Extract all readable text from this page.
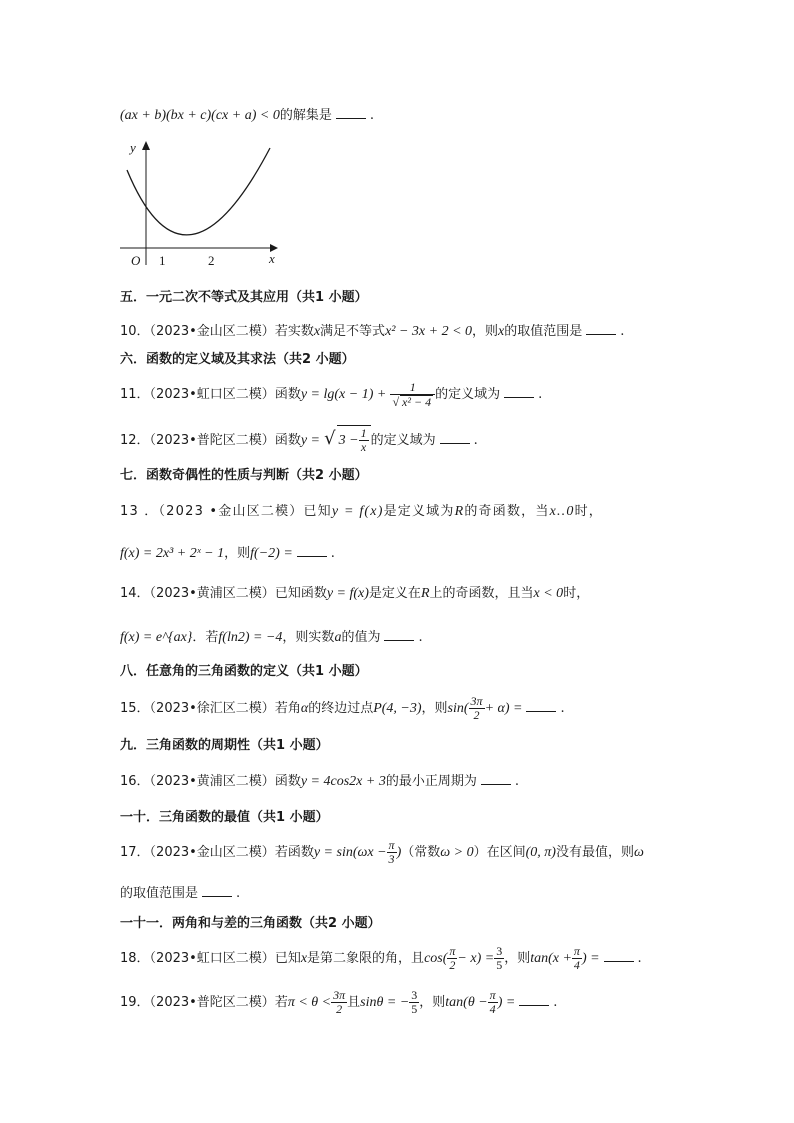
(ax + b)(bx + c)(cx + a) < 0的解集是	.
y
x
O 1	2
五．一元二次不等式及其应用（共1 小题）
10．（2023•金山区二模）若实数x满足不等式x² − 3x + 2 < 0，则x的取值范围是	.
六．函数的定义域及其求法（共2 小题）
11．（2023•虹口区二模）函数$y = \lg(x - 1) + \frac{1}{\text{√ x² − 4}}$ 的定义域为	.
12．（2023•普陀区二模）函数y = √ $3 - \frac{1}{x}$ 的定义域为	.
七．函数奇偶性的性质与判断（共2 小题）
13 ．（2023 •金山区二模）已知y = f(x)是定义域为R的奇函数，当x..0时，
f(x) = 2x³ + 2ˣ − 1，则f(−2) =	.
14．（2023•黄浦区二模）已知函数y = f(x)是定义在R上的奇函数，且当x < 0时，
f(x) = e^{ax}．若f(ln2) = −4，则实数a的值为	.
八．任意角的三角函数的定义（共1 小题）
15．（2023•徐汇区二模）若角α的终边过点P(4, −3)，则$\sin( \frac{3\pi}{2} + \alpha)$ =	.
九．三角函数的周期性（共1 小题）
16．（2023•黄浦区二模）函数y = 4cos2x + 3的最小正周期为	.
一十．三角函数的最值（共1 小题）
17．（2023•金山区二模）若函数$y = \sin(\omega x - \frac{\pi}{3}$ )（常数ω > 0）在区间(0, π)没有最值，则ω
的取值范围是	.
一十一．两角和与差的三角函数（共2 小题）
18．（2023•虹口区二模）已知x是第二象限的角，且$\cos( \frac{\pi}{2} - x) = \frac{3}{5}$ ，则$\tan(x + \frac{\pi}{4}$ ) =	.
19．（2023•普陀区二模）若$\pi < \theta < \frac{3\pi}{2}$ 且sinθ = − $\frac{3}{5}$ ，则$\tan(\theta - \frac{\pi}{4}$ ) =	.
